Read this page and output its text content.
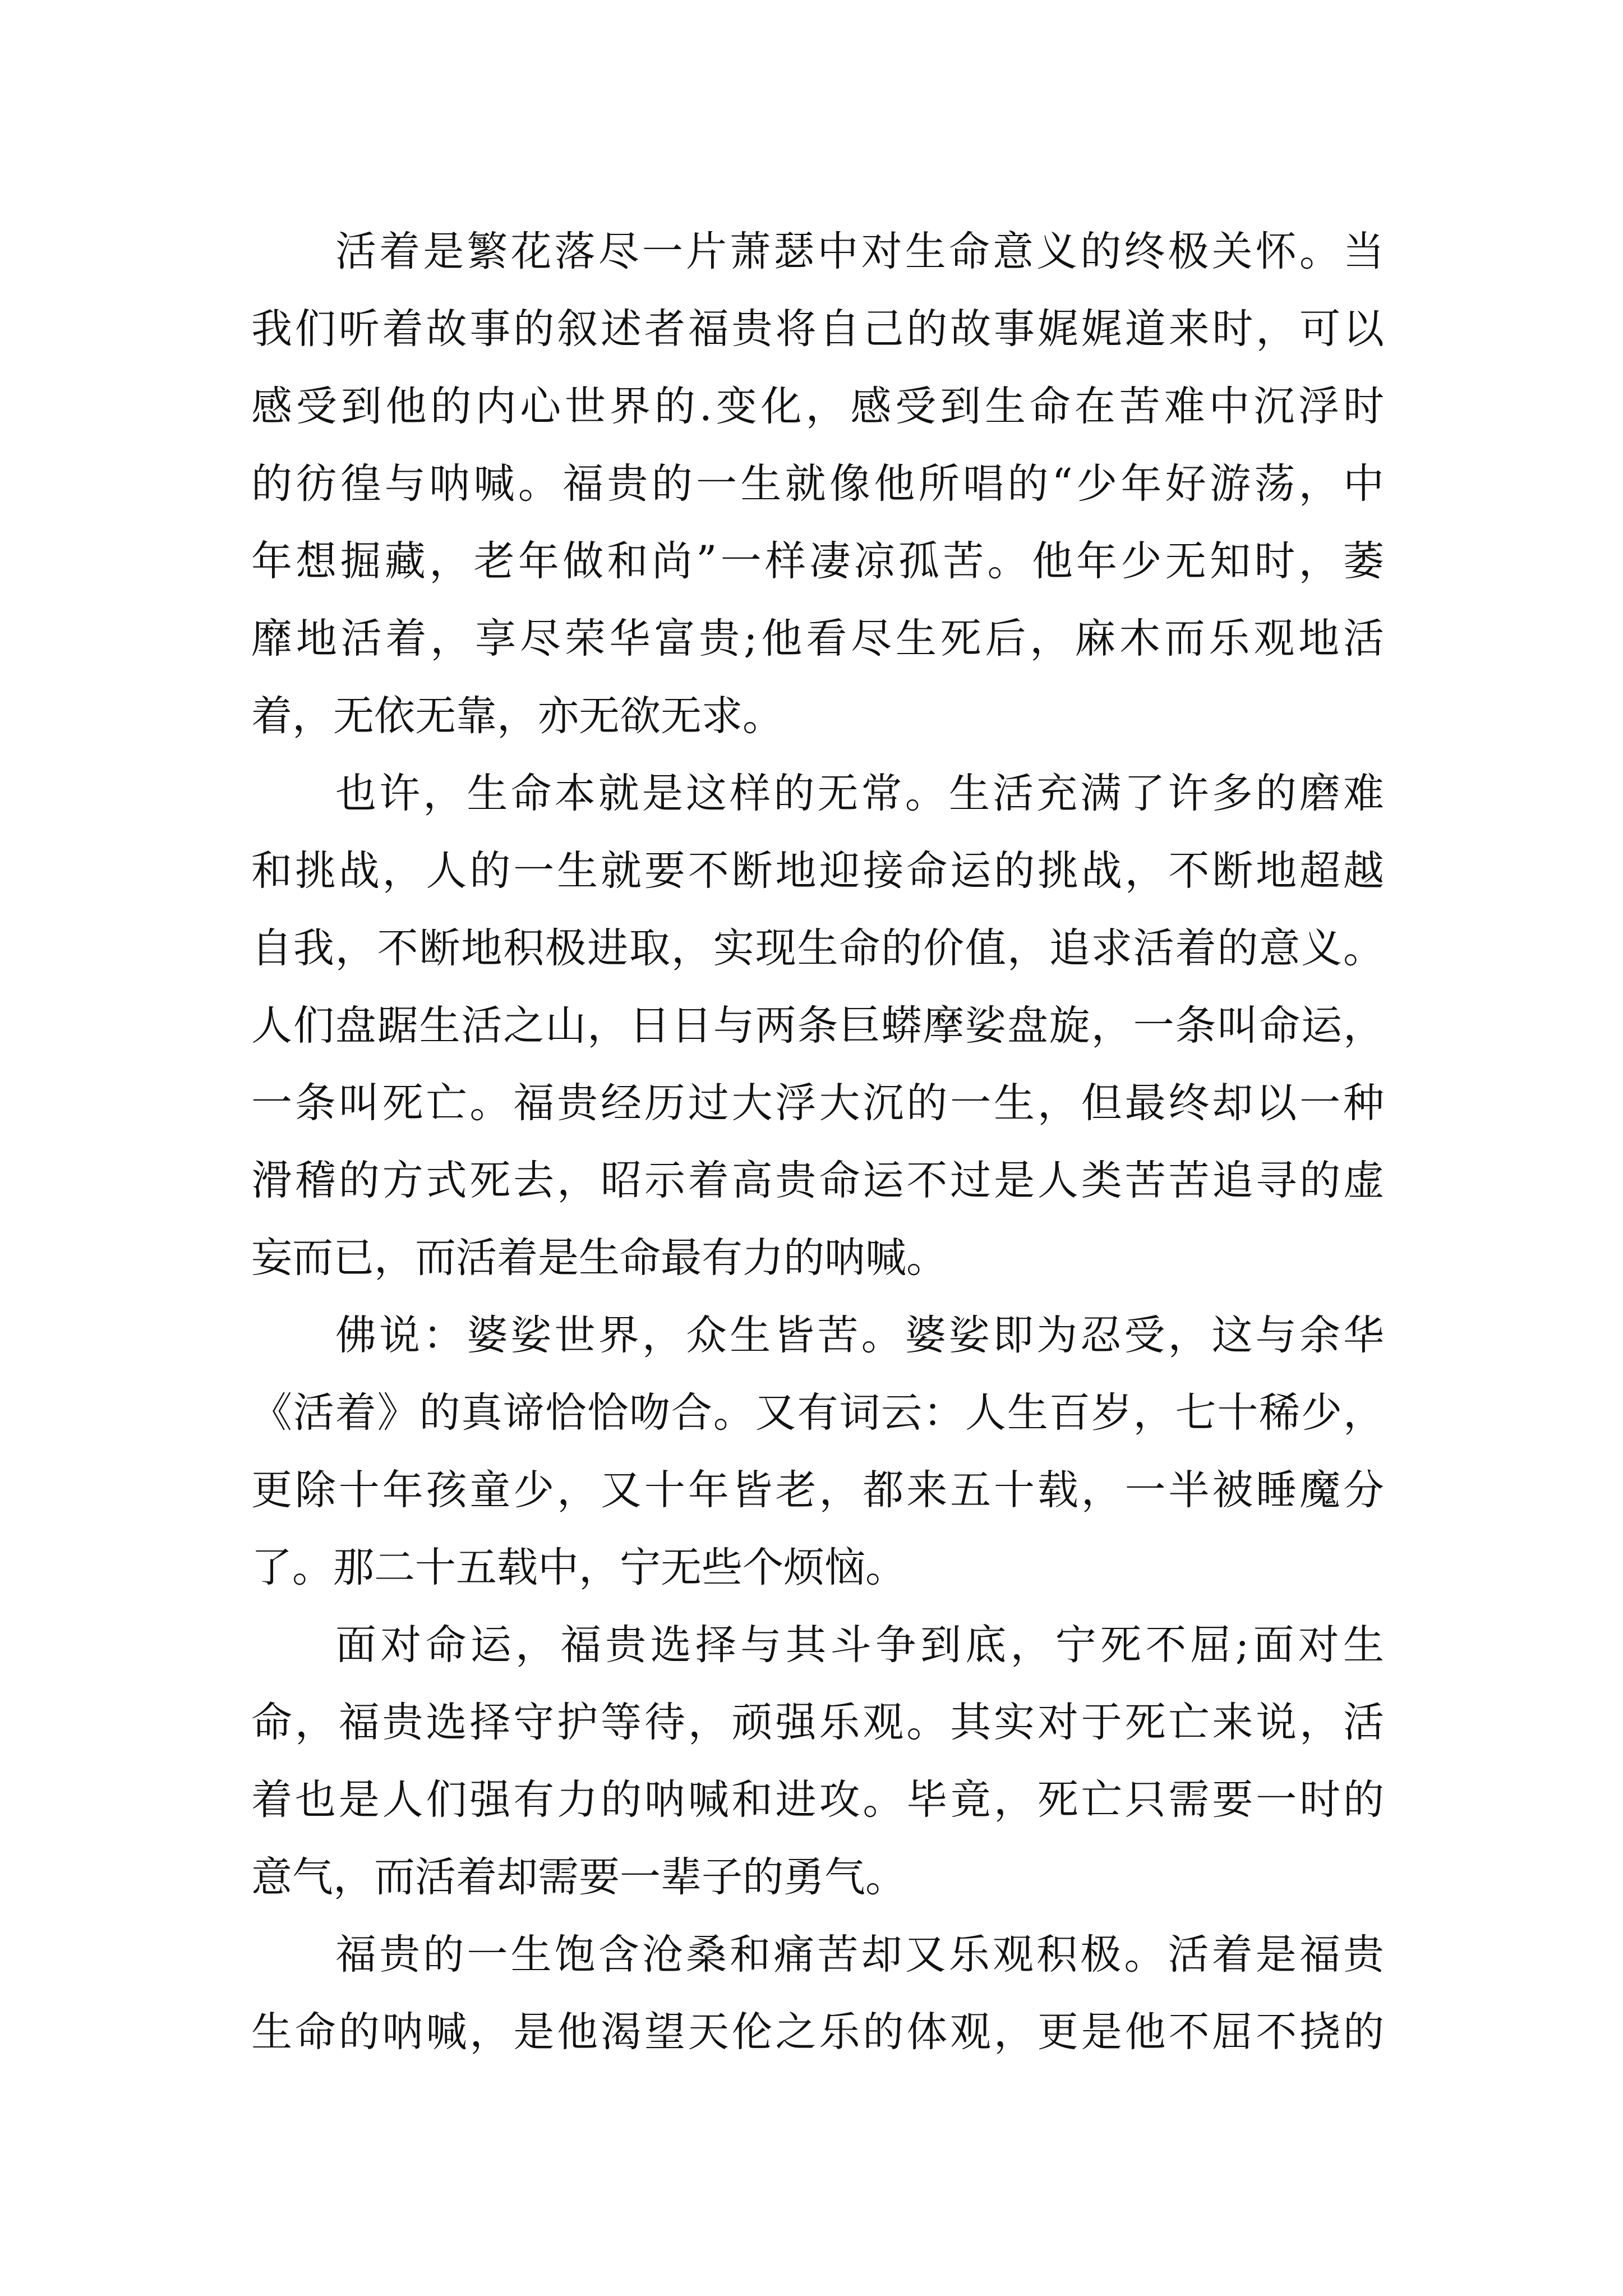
活着是繁花落尽一片萧瑟中对生命意义的终极关怀。当
我们听着故事的叙述者福贵将自己的故事娓娓道来时，可以
感受到他的内心世界的.变化，感受到生命在苦难中沉浮时
的彷徨与呐喊。福贵的一生就像他所唱的“少年好游荡，中
年想掘藏，老年做和尚”一样凄凉孤苦。他年少无知时，萎
靡地活着，享尽荣华富贵;他看尽生死后，麻木而乐观地活
着，无依无靠，亦无欲无求。
也许，生命本就是这样的无常。生活充满了许多的磨难
和挑战，人的一生就要不断地迎接命运的挑战，不断地超越
自我，不断地积极进取，实现生命的价值，追求活着的意义。
人们盘踞生活之山，日日与两条巨蟒摩娑盘旋，一条叫命运，
一条叫死亡。福贵经历过大浮大沉的一生，但最终却以一种
滑稽的方式死去，昭示着高贵命运不过是人类苦苦追寻的虚
妄而已，而活着是生命最有力的呐喊。
佛说：婆娑世界，众生皆苦。婆娑即为忍受，这与余华
《活着》的真谛恰恰吻合。又有词云：人生百岁，七十稀少，
更除十年孩童少，又十年皆老，都来五十载，一半被睡魔分
了。那二十五载中，宁无些个烦恼。
面对命运，福贵选择与其斗争到底，宁死不屈;面对生
命，福贵选择守护等待，顽强乐观。其实对于死亡来说，活
着也是人们强有力的呐喊和进攻。毕竟，死亡只需要一时的
意气，而活着却需要一辈子的勇气。
福贵的一生饱含沧桑和痛苦却又乐观积极。活着是福贵
生命的呐喊，是他渴望天伦之乐的体观，更是他不屈不挠的
